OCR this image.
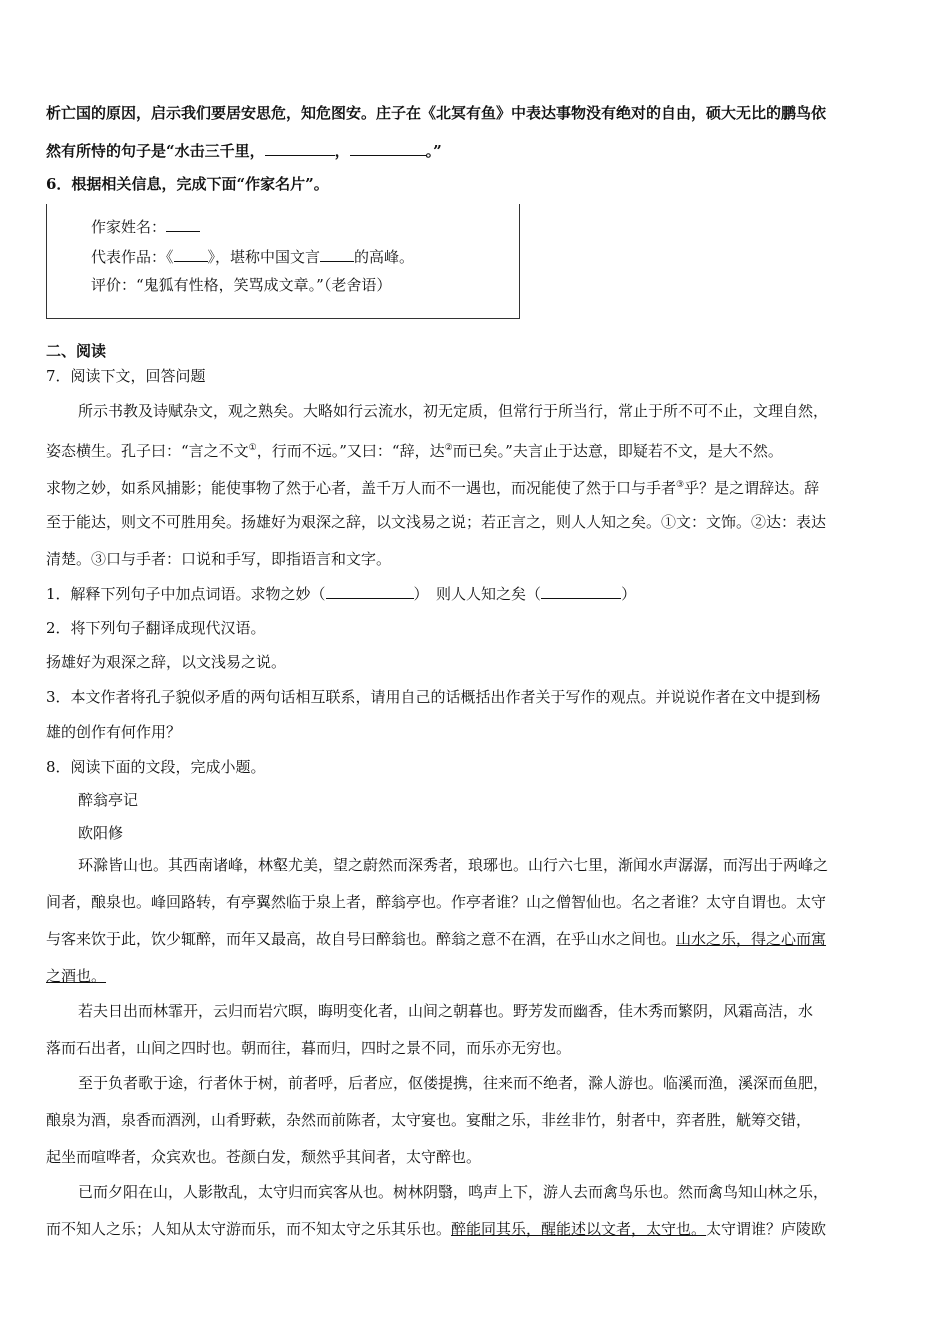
析亡国的原因，启示我们要居安思危，知危图安。庄子在《北冥有鱼》中表达事物没有绝对的自由，硕大无比的鹏鸟依
然有所恃的句子是“水击三千里，	，	。”
6．根据相关信息，完成下面“作家名片”。
作家姓名：
代表作品：《 》，堪称中国文言 的高峰。
评价：“鬼狐有性格，笑骂成文章。”（老舍语）
二、阅读
7．阅读下文，回答问题
所示书教及诗赋杂文，观之熟矣。大略如行云流水，初无定质，但常行于所当行，常止于所不可不止，文理自然，
姿态横生。孔子曰：“言之不文①，行而不远。”又曰：“辞，达②而已矣。”夫言止于达意，即疑若不文，是大不然。
求物之妙，如系风捕影；能使事物了然于心者，盖千万人而不一遇也，而况能使了然于口与手者③乎？是之谓辞达。辞
至于能达，则文不可胜用矣。扬雄好为艰深之辞，以文浅易之说；若正言之，则人人知之矣。①文：文饰。②达：表达
清楚。③口与手者：口说和手写，即指语言和文字。
1．解释下列句子中加点词语。求物之妙（	）　则人人知之矣（	）
2．将下列句子翻译成现代汉语。
扬雄好为艰深之辞，以文浅易之说。
3．本文作者将孔子貌似矛盾的两句话相互联系，请用自己的话概括出作者关于写作的观点。并说说作者在文中提到杨
雄的创作有何作用？
8．阅读下面的文段，完成小题。
醉翁亭记
欧阳修
环滁皆山也。其西南诸峰，林壑尤美，望之蔚然而深秀者，琅琊也。山行六七里，渐闻水声潺潺，而泻出于两峰之
间者，酿泉也。峰回路转，有亭翼然临于泉上者，醉翁亭也。作亭者谁？山之僧智仙也。名之者谁？太守自谓也。太守
与客来饮于此，饮少辄醉，而年又最高，故自号曰醉翁也。醉翁之意不在酒，在乎山水之间也。山水之乐，得之心而寓
之酒也。
若夫日出而林霏开，云归而岩穴暝，晦明变化者，山间之朝暮也。野芳发而幽香，佳木秀而繁阴，风霜高洁，水
落而石出者，山间之四时也。朝而往，暮而归，四时之景不同，而乐亦无穷也。
至于负者歌于途，行者休于树，前者呼，后者应，伛偻提携，往来而不绝者，滁人游也。临溪而渔，溪深而鱼肥，
酿泉为酒，泉香而酒洌，山肴野蔌，杂然而前陈者，太守宴也。宴酣之乐，非丝非竹，射者中，弈者胜，觥筹交错，
起坐而喧哗者，众宾欢也。苍颜白发，颓然乎其间者，太守醉也。
已而夕阳在山，人影散乱，太守归而宾客从也。树林阴翳，鸣声上下，游人去而禽鸟乐也。然而禽鸟知山林之乐，
而不知人之乐；人知从太守游而乐，而不知太守之乐其乐也。醉能同其乐，醒能述以文者，太守也。太守谓谁？庐陵欧
